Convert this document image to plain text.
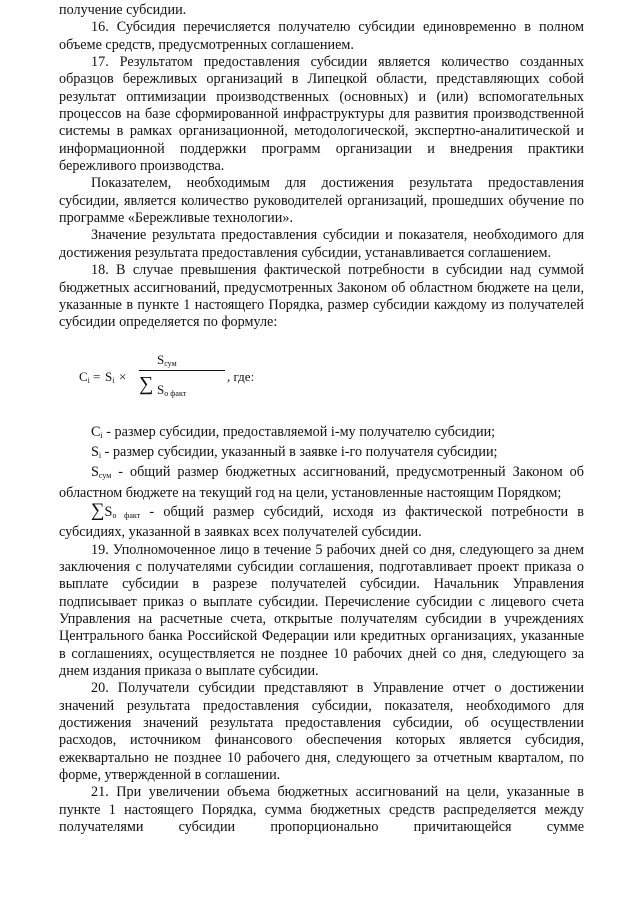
получение субсидии.

16. Субсидия перечисляется получателю субсидии единовременно в полном объеме средств, предусмотренных соглашением.

17. Результатом предоставления субсидии является количество созданных образцов бережливых организаций в Липецкой области, представляющих собой результат оптимизации производственных (основных) и (или) вспомогательных процессов на базе сформированной инфраструктуры для развития производственной системы в рамках организационной, методологической, экспертно-аналитической и информационной поддержки программ организации и внедрения практики бережливого производства.

Показателем, необходимым для достижения результата предоставления субсидии, является количество руководителей организаций, прошедших обучение по программе «Бережливые технологии».

Значение результата предоставления субсидии и показателя, необходимого для достижения результата предоставления субсидии, устанавливается соглашением.

18. В случае превышения фактической потребности в субсидии над суммой бюджетных ассигнований, предусмотренных Законом об областном бюджете на цели, указанные в пункте 1 настоящего Порядка, размер субсидии каждому из получателей субсидии определяется по формуле:

$C_i = S_i$ ×
$S_{сум}$
∑ $S_{о факт}$
, где:

$C_i$ - размер субсидии, предоставляемой i-му получателю субсидии;

$S_i$ - размер субсидии, указанный в заявке i-го получателя субсидии;

$S_{сум}$ - общий размер бюджетных ассигнований, предусмотренный Законом об областном бюджете на текущий год на цели, установленные настоящим Порядком;

$\sum S_{о факт}$ - общий размер субсидий, исходя из фактической потребности в субсидиях, указанной в заявках всех получателей субсидии.

19. Уполномоченное лицо в течение 5 рабочих дней со дня, следующего за днем заключения с получателями субсидии соглашения, подготавливает проект приказа о выплате субсидии в разрезе получателей субсидии. Начальник Управления подписывает приказ о выплате субсидии. Перечисление субсидии с лицевого счета Управления на расчетные счета, открытые получателям субсидии в учреждениях Центрального банка Российской Федерации или кредитных организациях, указанные в соглашениях, осуществляется не позднее 10 рабочих дней со дня, следующего за днем издания приказа о выплате субсидии.

20. Получатели субсидии представляют в Управление отчет о достижении значений результата предоставления субсидии, показателя, необходимого для достижения значений результата предоставления субсидии, об осуществлении расходов, источником финансового обеспечения которых является субсидия, ежеквартально не позднее 10 рабочего дня, следующего за отчетным кварталом, по форме, утвержденной в соглашении.

21. При увеличении объема бюджетных ассигнований на цели, указанные в пункте 1 настоящего Порядка, сумма бюджетных средств распределяется между получателями субсидии пропорционально причитающейся сумме
